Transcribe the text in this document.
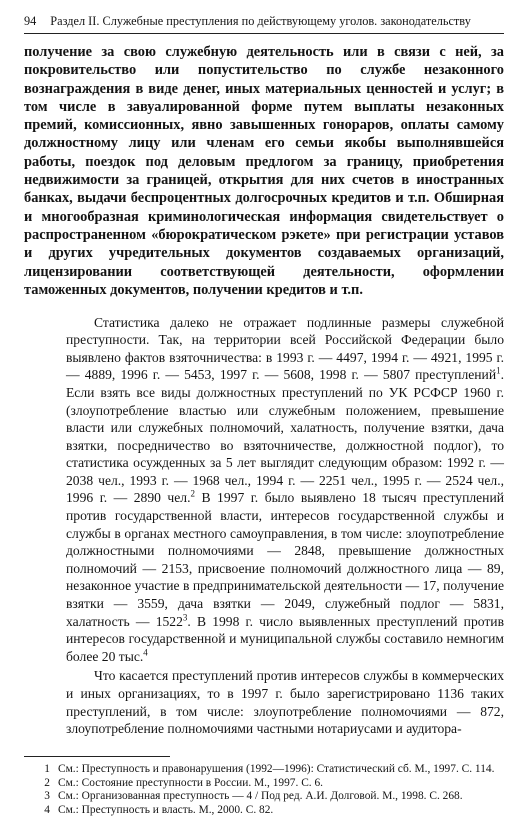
94 Раздел II. Служебные преступления по действующему уголов. законодательству

получение за свою служебную деятельность или в связи с ней, за покровительство или попустительство по службе незаконного вознаграждения в виде денег, иных материальных ценностей и услуг; в том числе в завуалированной форме путем выплаты незаконных премий, комиссионных, явно завышенных гонораров, оплаты самому должностному лицу или членам его семьи якобы выполнявшейся работы, поездок под деловым предлогом за границу, приобретения недвижимости за границей, открытия для них счетов в иностранных банках, выдачи беспроцентных долгосрочных кредитов и т.п. Обширная и многообразная криминологическая информация свидетельствует о распространенном «бюрократическом рэкете» при регистрации уставов и других учредительных документов создаваемых организаций, лицензировании соответствующей деятельности, оформлении таможенных документов, получении кредитов и т.п.

Статистика далеко не отражает подлинные размеры служебной преступности. Так, на территории всей Российской Федерации было выявлено фактов взяточничества: в 1993 г. — 4497, 1994 г. — 4921, 1995 г. — 4889, 1996 г. — 5453, 1997 г. — 5608, 1998 г. — 5807 преступлений$^1$. Если взять все виды должностных преступлений по УК РСФСР 1960 г. (злоупотребление властью или служебным положением, превышение власти или служебных полномочий, халатность, получение взятки, дача взятки, посредничество во взяточничестве, должностной подлог), то статистика осужденных за 5 лет выглядит следующим образом: 1992 г. — 2038 чел., 1993 г. — 1968 чел., 1994 г. — 2251 чел., 1995 г. — 2524 чел., 1996 г. — 2890 чел.$^2$ В 1997 г. было выявлено 18 тысяч преступлений против государственной власти, интересов государственной службы и службы в органах местного самоуправления, в том числе: злоупотребление должностными полномочиями — 2848, превышение должностных полномочий — 2153, присвоение полномочий должностного лица — 89, незаконное участие в предпринимательской деятельности — 17, получение взятки — 3559, дача взятки — 2049, служебный подлог — 5831, халатность — 1522$^3$. В 1998 г. число выявленных преступлений против интересов государственной и муниципальной службы составило немногим более 20 тыс.$^4$

Что касается преступлений против интересов службы в коммерческих и иных организациях, то в 1997 г. было зарегистрировано 1136 таких преступлений, в том числе: злоупотребление полномочиями — 872, злоупотребление полномочиями частными нотариусами и аудитора-

1 См.: Преступность и правонарушения (1992—1996): Статистический сб. М., 1997. С. 114.
2 См.: Состояние преступности в России. М., 1997. С. 6.
3 См.: Организованная преступность — 4 / Под ред. А.И. Долговой. М., 1998. С. 268.
4 См.: Преступность и власть. М., 2000. С. 82.
